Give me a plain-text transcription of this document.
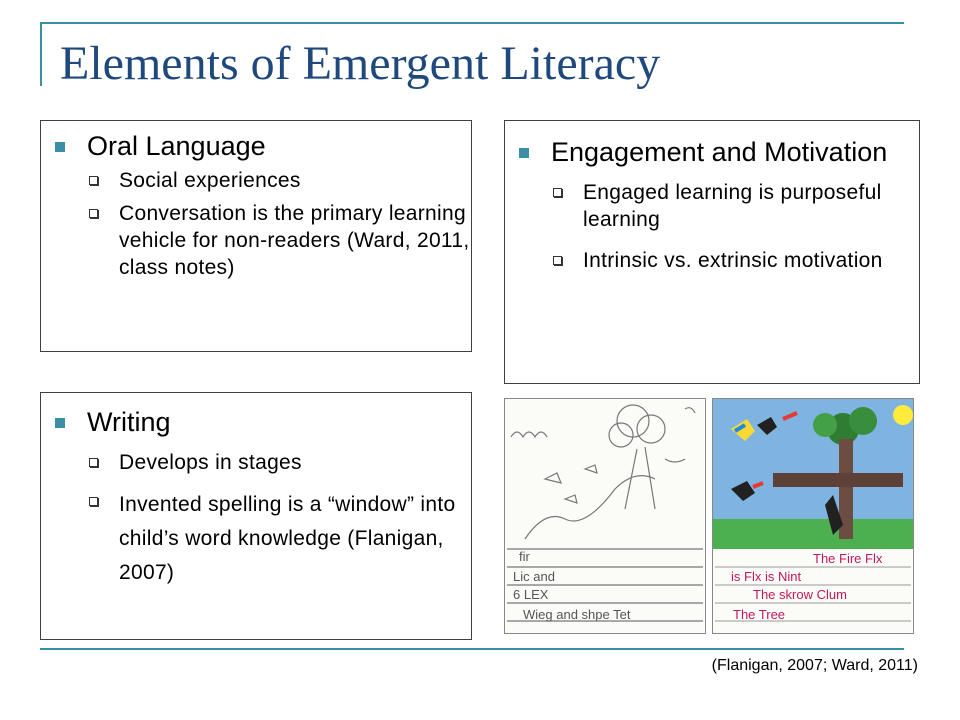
Elements of Emergent Literacy
Oral Language
Social experiences
Conversation is the primary learning vehicle for non-readers (Ward, 2011, class notes)
Engagement and Motivation
Engaged learning is purposeful learning
Intrinsic vs. extrinsic motivation
Writing
Develops in stages
Invented spelling is a “window” into child’s word knowledge (Flanigan, 2007)
fir
Lic and
6 LEX
Wieg and shpe Tet
The Fire Flx
is Flx is Nint
The skrow Clum
The Tree
(Flanigan, 2007; Ward, 2011)
